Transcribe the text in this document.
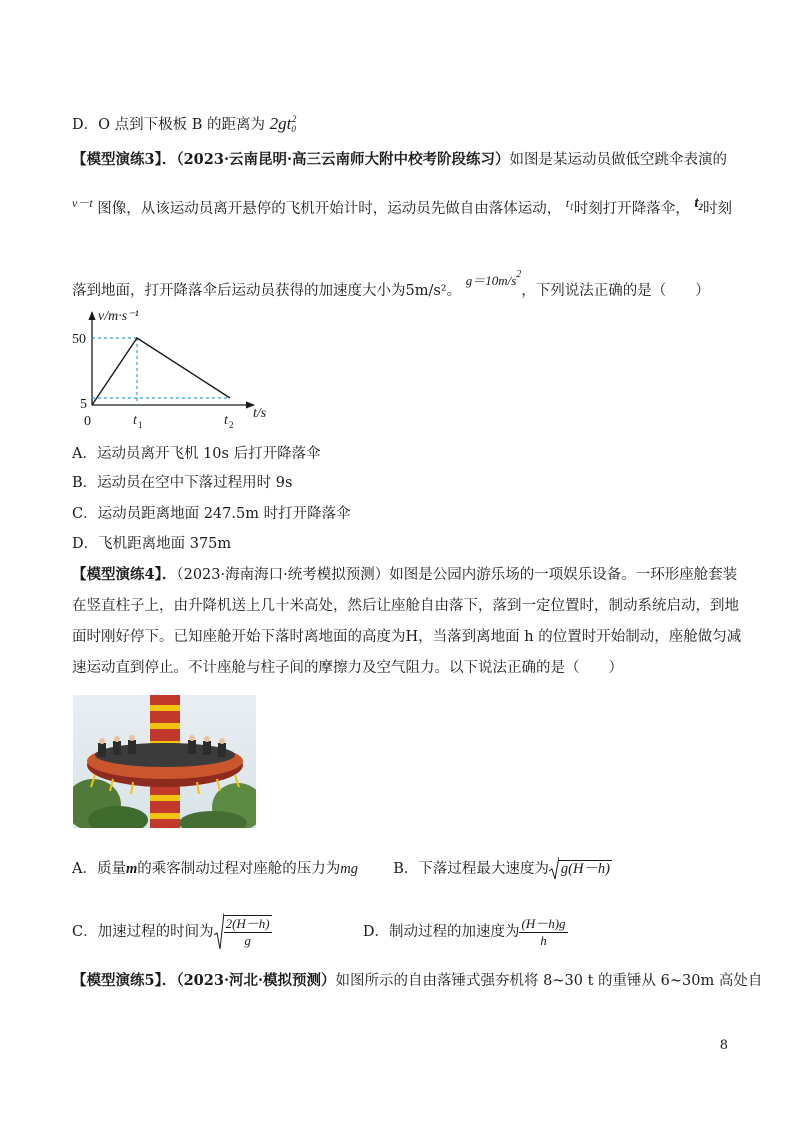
D．O 点到下极板 B 的距离为 $2gt_0^2$
【模型演练3】．（2023·云南昆明·高三云南师大附中校考阶段练习）如图是某运动员做低空跳伞表演的
$^{v-t}$ 图像，从该运动员离开悬停的飞机开始计时，运动员先做自由落体运动， $^{t_1}$时刻打开降落伞， $t_2$时刻
落到地面，打开降落伞后运动员获得的加速度大小为5m/s²。 $g=10m/s^2$，下列说法正确的是（　　）
50
5
0
v/m·s⁻¹
t/s
t 1	t 2
A．运动员离开飞机 10s 后打开降落伞
B．运动员在空中下落过程用时 9s
C．运动员距离地面 247.5m 时打开降落伞
D．飞机距离地面 375m
【模型演练4】．（2023·海南海口·统考模拟预测）如图是公园内游乐场的一项娱乐设备。一环形座舱套装
在竖直柱子上，由升降机送上几十米高处，然后让座舱自由落下，落到一定位置时，制动系统启动，到地
面时刚好停下。已知座舱开始下落时离地面的高度为H，当落到离地面 h 的位置时开始制动，座舱做匀减
速运动直到停止。不计座舱与柱子间的摩擦力及空气阻力。以下说法正确的是（　　）
A．质量m的乘客制动过程对座舱的压力为mg B．下落过程最大速度为 g(H－h)
C．加速过程的时间为 $\frac{2(H-h)}{g}$	D．制动过程的加速度为 $\frac{(H-h)g}{h}$
【模型演练5】．（2023·河北·模拟预测）如图所示的自由落锤式强夯机将 8~30 t 的重锤从 6~30m 高处自
8
